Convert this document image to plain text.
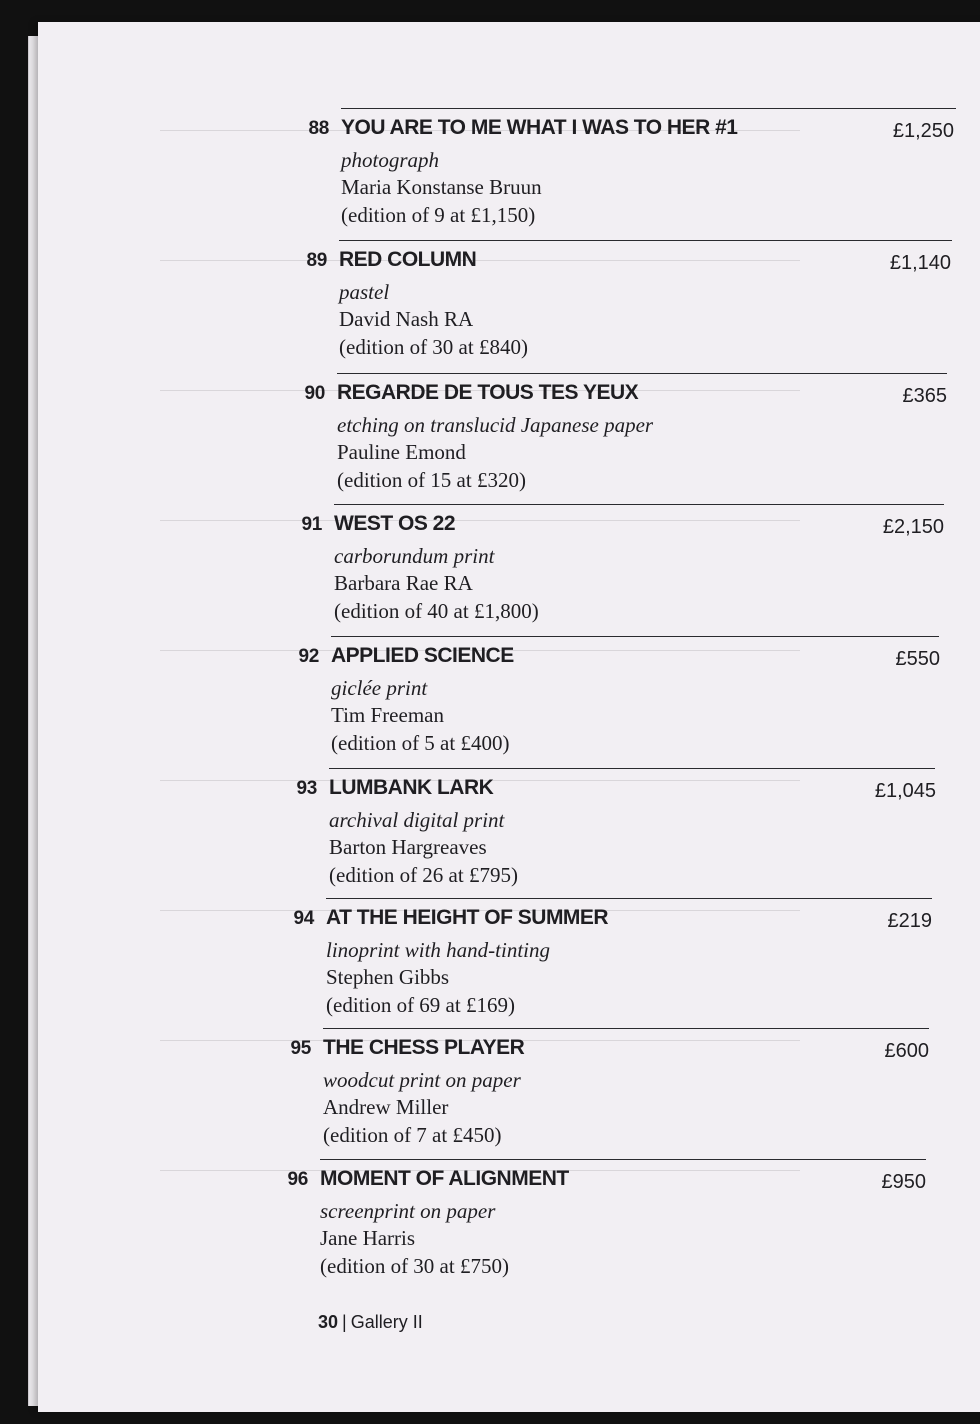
88 YOU ARE TO ME WHAT I WAS TO HER #1
photograph
Maria Konstanse Bruun
(edition of 9 at £1,150)
£1,250
89 RED COLUMN
pastel
David Nash RA
(edition of 30 at £840)
£1,140
90 REGARDE DE TOUS TES YEUX
etching on translucid Japanese paper
Pauline Emond
(edition of 15 at £320)
£365
91 WEST OS 22
carborundum print
Barbara Rae RA
(edition of 40 at £1,800)
£2,150
92 APPLIED SCIENCE
giclée print
Tim Freeman
(edition of 5 at £400)
£550
93 LUMBANK LARK
archival digital print
Barton Hargreaves
(edition of 26 at £795)
£1,045
94 AT THE HEIGHT OF SUMMER
linoprint with hand-tinting
Stephen Gibbs
(edition of 69 at £169)
£219
95 THE CHESS PLAYER
woodcut print on paper
Andrew Miller
(edition of 7 at £450)
£600
96 MOMENT OF ALIGNMENT
screenprint on paper
Jane Harris
(edition of 30 at £750)
£950
30 | Gallery II
